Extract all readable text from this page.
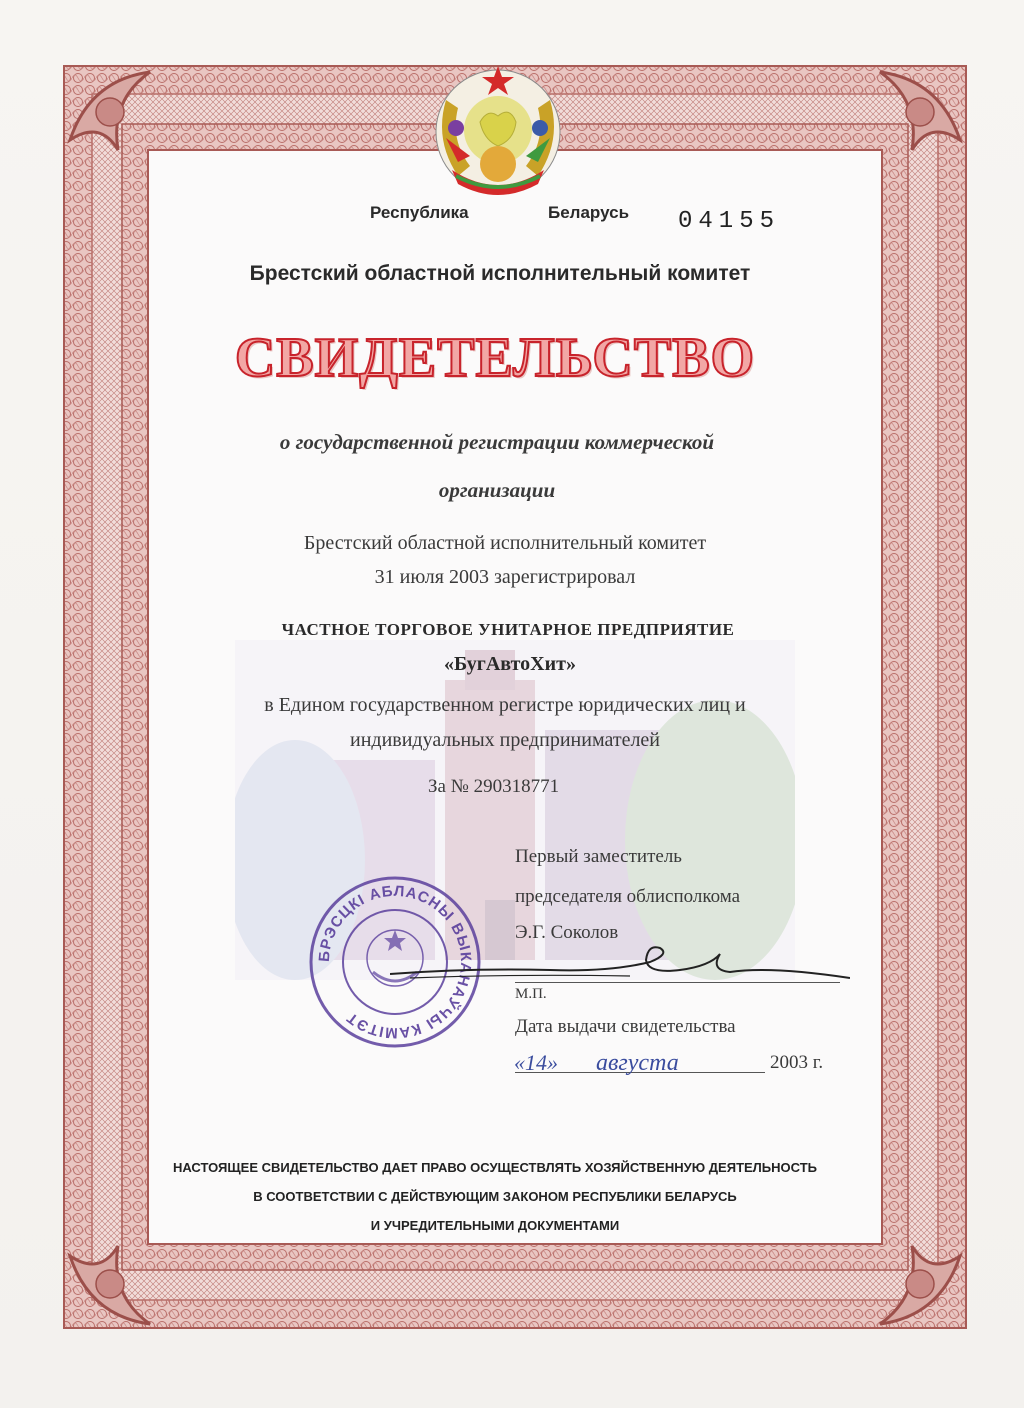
Республика	Беларусь 04155
Брестский областной исполнительный комитет
СВИДЕТЕЛЬСТВО
о государственной регистрации коммерческой
организации
Брестский областной исполнительный комитет
31 июля 2003 зарегистрировал
ЧАСТНОЕ ТОРГОВОЕ УНИТАРНОЕ ПРЕДПРИЯТИЕ
«БугАвтоХит»
в Едином государственном регистре юридических лиц и
индивидуальных предпринимателей
За № 290318771
Первый заместитель
председателя облисполкома
Э.Г. Соколов
М.П.
Дата выдачи свидетельства
«14» августа	2003 г.
БРЭСЦКІ АБЛАСНЫ ВЫКАНАЎЧЫ КАМІТЭТ
НАСТОЯЩЕЕ СВИДЕТЕЛЬСТВО ДАЕТ ПРАВО ОСУЩЕСТВЛЯТЬ ХОЗЯЙСТВЕННУЮ ДЕЯТЕЛЬНОСТЬ
В СООТВЕТСТВИИ С ДЕЙСТВУЮЩИМ ЗАКОНОМ РЕСПУБЛИКИ БЕЛАРУСЬ
И УЧРЕДИТЕЛЬНЫМИ ДОКУМЕНТАМИ
